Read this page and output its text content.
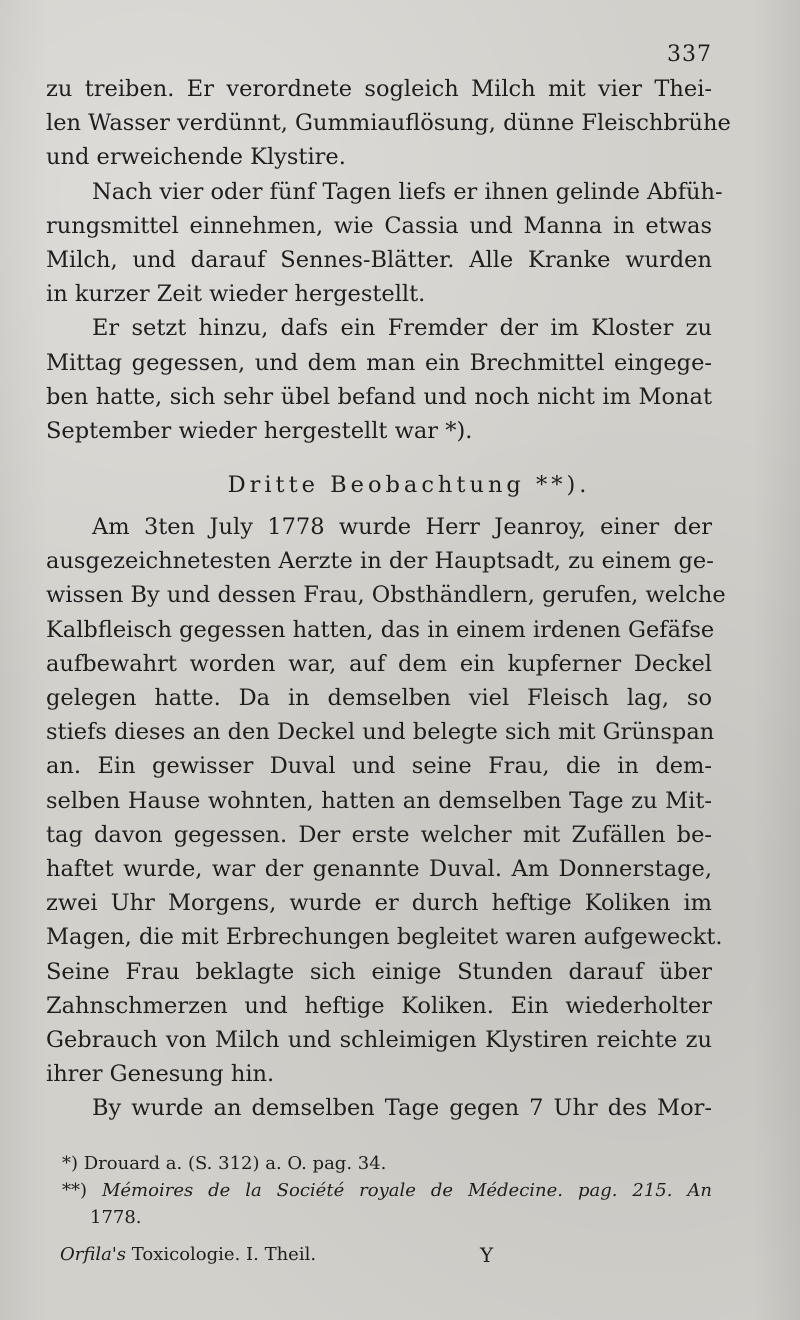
337
zu treiben. Er verordnete sogleich Milch mit vier Thei-
len Wasser verdünnt, Gummiauflösung, dünne Fleischbrühe
und erweichende Klystire.
Nach vier oder fünf Tagen liefs er ihnen gelinde Abfüh-
rungsmittel einnehmen, wie Cassia und Manna in etwas
Milch, und darauf Sennes-Blätter. Alle Kranke wurden
in kurzer Zeit wieder hergestellt.
Er setzt hinzu, dafs ein Fremder der im Kloster zu
Mittag gegessen, und dem man ein Brechmittel eingege-
ben hatte, sich sehr übel befand und noch nicht im Monat
September wieder hergestellt war *).
Dritte Beobachtung **).
Am 3ten July 1778 wurde Herr Jeanroy, einer der
ausgezeichnetesten Aerzte in der Hauptsadt, zu einem ge-
wissen By und dessen Frau, Obsthändlern, gerufen, welche
Kalbfleisch gegessen hatten, das in einem irdenen Gefäfse
aufbewahrt worden war, auf dem ein kupferner Deckel
gelegen hatte. Da in demselben viel Fleisch lag, so
stiefs dieses an den Deckel und belegte sich mit Grünspan
an. Ein gewisser Duval und seine Frau, die in dem-
selben Hause wohnten, hatten an demselben Tage zu Mit-
tag davon gegessen. Der erste welcher mit Zufällen be-
haftet wurde, war der genannte Duval. Am Donnerstage,
zwei Uhr Morgens, wurde er durch heftige Koliken im
Magen, die mit Erbrechungen begleitet waren aufgeweckt.
Seine Frau beklagte sich einige Stunden darauf über
Zahnschmerzen und heftige Koliken. Ein wiederholter
Gebrauch von Milch und schleimigen Klystiren reichte zu
ihrer Genesung hin.
By wurde an demselben Tage gegen 7 Uhr des Mor-
*) Drouard a. (S. 312) a. O. pag. 34.
**) Mémoires de la Société royale de Médecine. pag. 215. An
1778.
Orfila's Toxicologie. I. Theil.	Y
